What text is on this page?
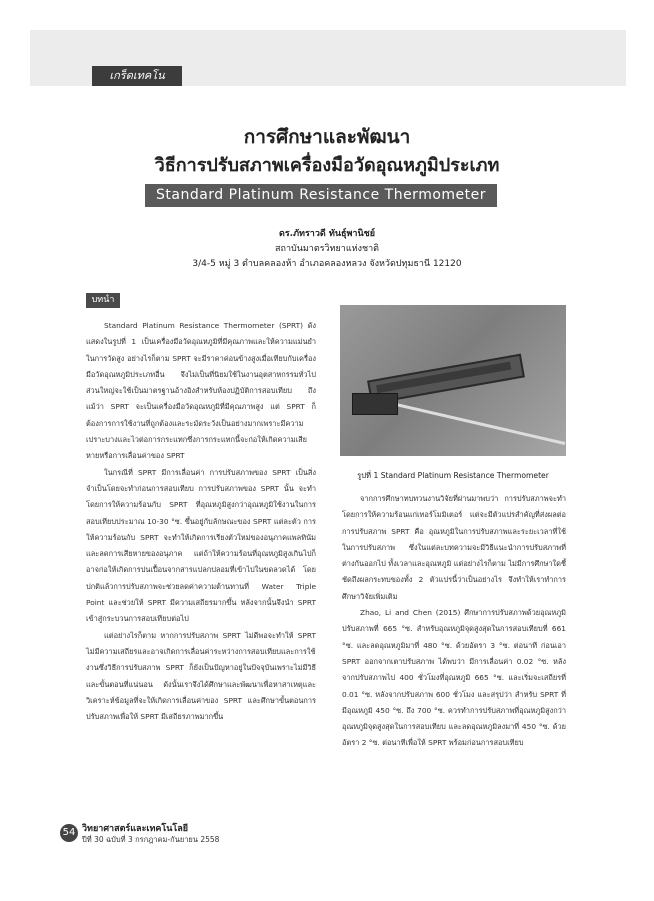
เกร็ดเทคโน
การศึกษาและพัฒนา
วิธีการปรับสภาพเครื่องมือวัดอุณหภูมิประเภท
Standard Platinum Resistance Thermometer
ดร.ภัทราวดี ทันธุ์พานิชย์
สถาบันมาตรวิทยาแห่งชาติ
3/4-5 หมู่ 3 ตำบลคลองห้า อำเภอคลองหลวง จังหวัดปทุมธานี 12120
บทนำ

Standard Platinum Resistance Thermometer (SPRT) ดังแสดงในรูปที่ 1 เป็นเครื่องมือวัดอุณหภูมิที่มีคุณภาพและให้ความแม่นยำในการวัดสูง อย่างไรก็ตาม SPRT จะมีราคาค่อนข้างสูงเมื่อเทียบกับเครื่องมือวัดอุณหภูมิประเภทอื่น จึงไม่เป็นที่นิยมใช้ในงานอุตสาหกรรมทั่วไป ส่วนใหญ่จะใช้เป็นมาตรฐานอ้างอิงสำหรับห้องปฏิบัติการสอบเทียบ ถึงแม้ว่า SPRT จะเป็นเครื่องมือวัดอุณหภูมิที่มีคุณภาพสูง แต่ SPRT ก็ต้องการการใช้งานที่ถูกต้องและระมัดระวังเป็นอย่างมากเพราะมีความเปราะบางและไวต่อการกระแทกซึ่งการกระแทกนี้จะก่อให้เกิดความเสียหายหรือการเลื่อนค่าของ SPRT

ในกรณีที่ SPRT มีการเลื่อนค่า การปรับสภาพของ SPRT เป็นสิ่งจำเป็นโดยจะทำก่อนการสอบเทียบ การปรับสภาพของ SPRT นั้น จะทำโดยการให้ความร้อนกับ SPRT ที่อุณหภูมิสูงกว่าอุณหภูมิใช้งานในการสอบเทียบประมาณ 10-30 °ซ. ขึ้นอยู่กับลักษณะของ SPRT แต่ละตัว การให้ความร้อนกับ SPRT จะทำให้เกิดการเรียงตัวใหม่ของอนุภาคแพลทินัมและลดการเสียหายของอนุภาค แต่ถ้าให้ความร้อนที่อุณหภูมิสูงเกินไปก็อาจก่อให้เกิดการปนเปื้อนจากสารแปลกปลอมที่เข้าไปในขดลวดได้ โดยปกติแล้วการปรับสภาพจะช่วยลดค่าความต้านทานที่ Water Triple Point และช่วยให้ SPRT มีความเสถียรมากขึ้น หลังจากนั้นจึงนำ SPRT เข้าสู่กระบวนการสอบเทียบต่อไป

แต่อย่างไรก็ตาม หากการปรับสภาพ SPRT ไม่ดีพอจะทำให้ SPRT ไม่มีความเสถียรและอาจเกิดการเลื่อนค่าระหว่างการสอบเทียบและการใช้งานซึ่งวิธีการปรับสภาพ SPRT ก็ยังเป็นปัญหาอยู่ในปัจจุบันเพราะไม่มีวิธีและขั้นตอนที่แน่นอน ดังนั้นเราจึงได้ศึกษาและพัฒนาเพื่อหาสาเหตุและวิเคราะห์ข้อมูลที่จะให้เกิดการเลื่อนค่าของ SPRT และศึกษาขั้นตอนการปรับสภาพเพื่อให้ SPRT มีเสถียรภาพมากขึ้น

รูปที่ 1 Standard Platinum Resistance Thermometer

จากการศึกษาทบทวนงานวิจัยที่ผ่านมาพบว่า การปรับสภาพจะทำโดยการให้ความร้อนแก่เทอร์โมมิเตอร์ แต่จะมีตัวแปรสำคัญที่ส่งผลต่อการปรับสภาพ SPRT คือ อุณหภูมิในการปรับสภาพและระยะเวลาที่ใช้ในการปรับสภาพ ซึ่งในแต่ละบทความจะมีวิธีแนะนำการปรับสภาพที่ต่างกันออกไป ทั้งเวลาและอุณหภูมิ แต่อย่างไรก็ตาม ไม่มีการศึกษาใดชี้ชัดถึงผลกระทบของทั้ง 2 ตัวแปรนี้ว่าเป็นอย่างไร จึงทำให้เราทำการศึกษาวิจัยเพิ่มเติม

Zhao, Li and Chen (2015) ศึกษาการปรับสภาพด้วยอุณหภูมิปรับสภาพที่ 665 °ซ. สำหรับอุณหภูมิจุดสูงสุดในการสอบเทียบที่ 661 °ซ. และลดอุณหภูมิมาที่ 480 °ซ. ด้วยอัตรา 3 °ซ. ต่อนาที ก่อนเอา SPRT ออกจากเตาปรับสภาพ ได้พบว่า มีการเลื่อนค่า 0.02 °ซ. หลังจากปรับสภาพไป 400 ชั่วโมงที่อุณหภูมิ 665 °ซ. และเริ่มจะเสถียรที่ 0.01 °ซ. หลังจากปรับสภาพ 600 ชั่วโมง และสรุปว่า สำหรับ SPRT ที่มีอุณหภูมิ 450 °ซ. ถึง 700 °ซ. ควรทำการปรับสภาพที่อุณหภูมิสูงกว่าอุณหภูมิจุดสูงสุดในการสอบเทียบ และลดอุณหภูมิลงมาที่ 450 °ซ. ด้วยอัตรา 2 °ซ. ต่อนาทีเพื่อให้ SPRT พร้อมก่อนการสอบเทียบ

54 วิทยาศาสตร์และเทคโนโลยี
ปีที่ 30 ฉบับที่ 3 กรกฎาคม-กันยายน 2558
